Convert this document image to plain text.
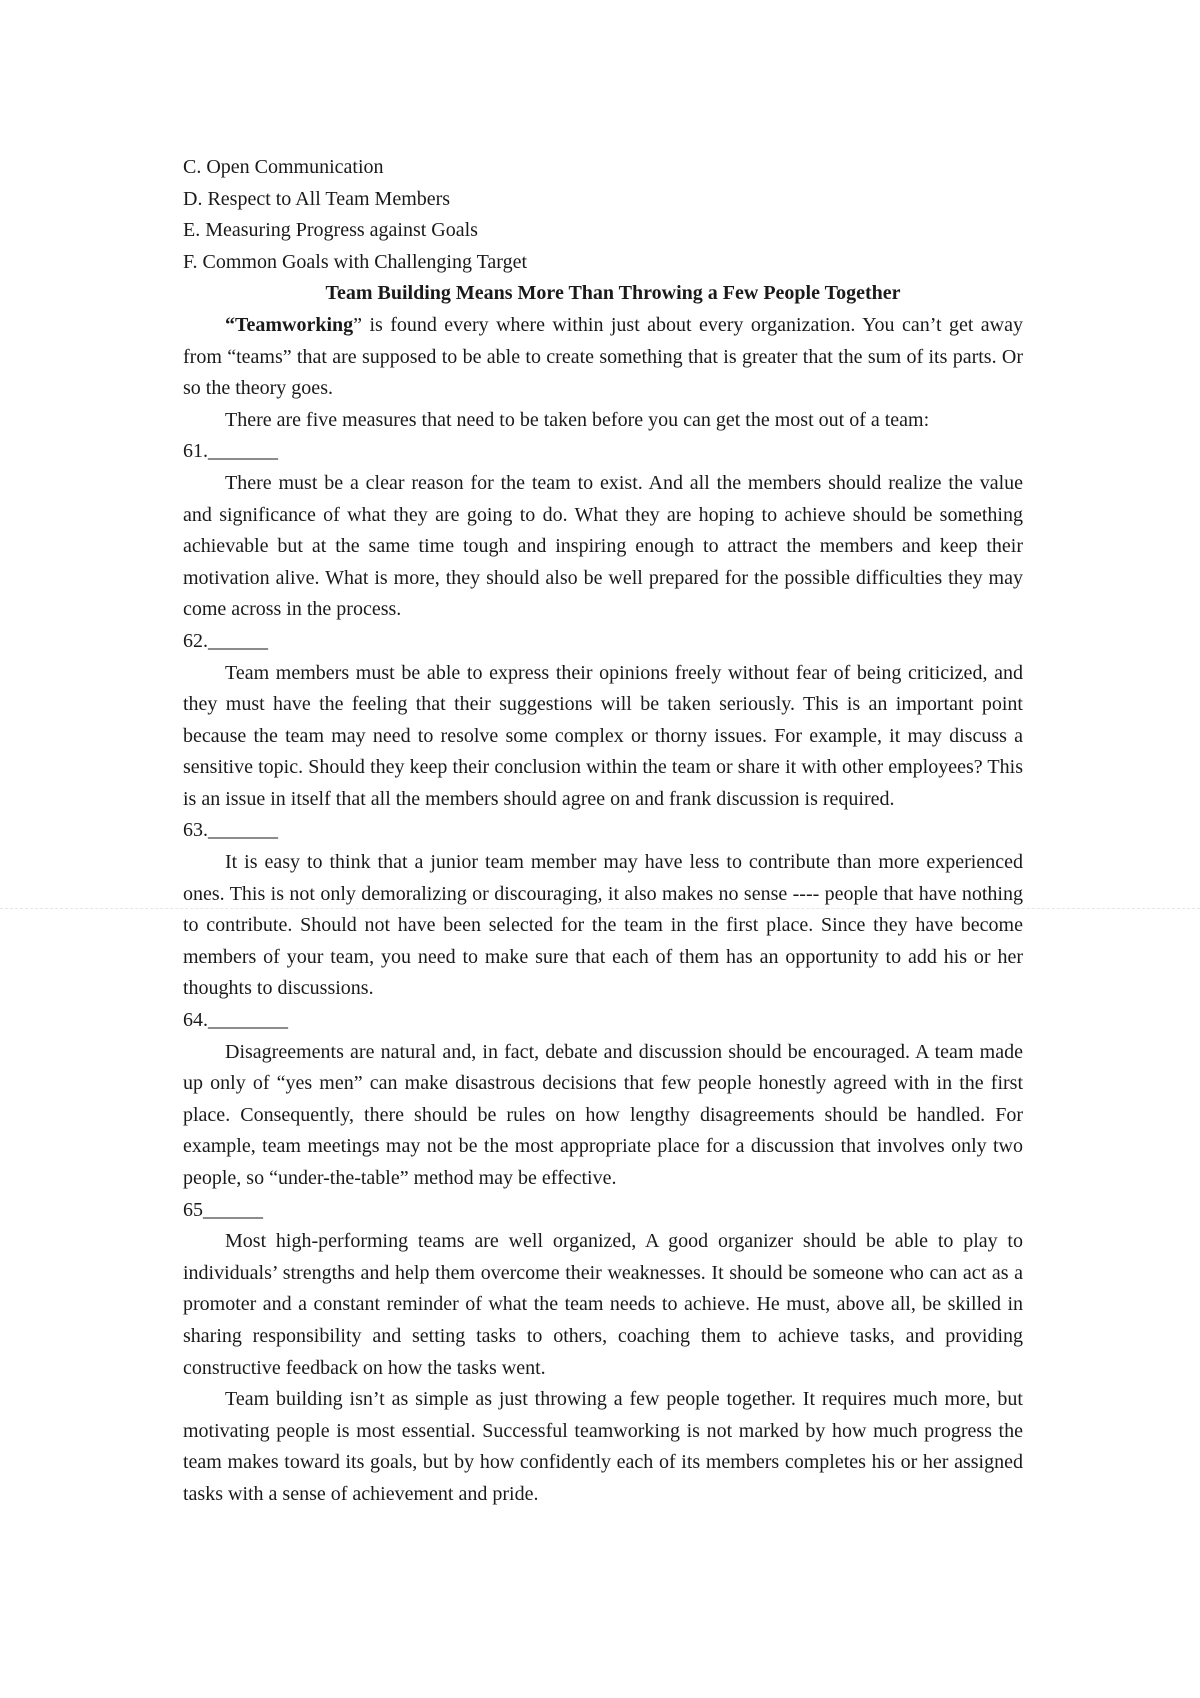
C. Open Communication

D. Respect to All Team Members

E. Measuring Progress against Goals

F. Common Goals with Challenging Target

Team Building Means More Than Throwing a Few People Together

“Teamworking” is found every where within just about every organization. You can’t get away from “teams” that are supposed to be able to create something that is greater that the sum of its parts. Or so the theory goes.

There are five measures that need to be taken before you can get the most out of a team:

61._______

There must be a clear reason for the team to exist. And all the members should realize the value and significance of what they are going to do. What they are hoping to achieve should be something achievable but at the same time tough and inspiring enough to attract the members and keep their motivation alive. What is more, they should also be well prepared for the possible difficulties they may come across in the process.

62.______

Team members must be able to express their opinions freely without fear of being criticized, and they must have the feeling that their suggestions will be taken seriously. This is an important point because the team may need to resolve some complex or thorny issues. For example, it may discuss a sensitive topic. Should they keep their conclusion within the team or share it with other employees? This is an issue in itself that all the members should agree on and frank discussion is required.

63._______

It is easy to think that a junior team member may have less to contribute than more experienced ones. This is not only demoralizing or discouraging, it also makes no sense ---- people that have nothing to contribute. Should not have been selected for the team in the first place. Since they have become members of your team, you need to make sure that each of them has an opportunity to add his or her thoughts to discussions.

64.________

Disagreements are natural and, in fact, debate and discussion should be encouraged. A team made up only of “yes men” can make disastrous decisions that few people honestly agreed with in the first place. Consequently, there should be rules on how lengthy disagreements should be handled. For example, team meetings may not be the most appropriate place for a discussion that involves only two people, so “under-the-table” method may be effective.

65______

Most high-performing teams are well organized, A good organizer should be able to play to individuals’ strengths and help them overcome their weaknesses. It should be someone who can act as a promoter and a constant reminder of what the team needs to achieve. He must, above all, be skilled in sharing responsibility and setting tasks to others, coaching them to achieve tasks, and providing constructive feedback on how the tasks went.

Team building isn’t as simple as just throwing a few people together. It requires much more, but motivating people is most essential. Successful teamworking is not marked by how much progress the team makes toward its goals, but by how confidently each of its members completes his or her assigned tasks with a sense of achievement and pride.
